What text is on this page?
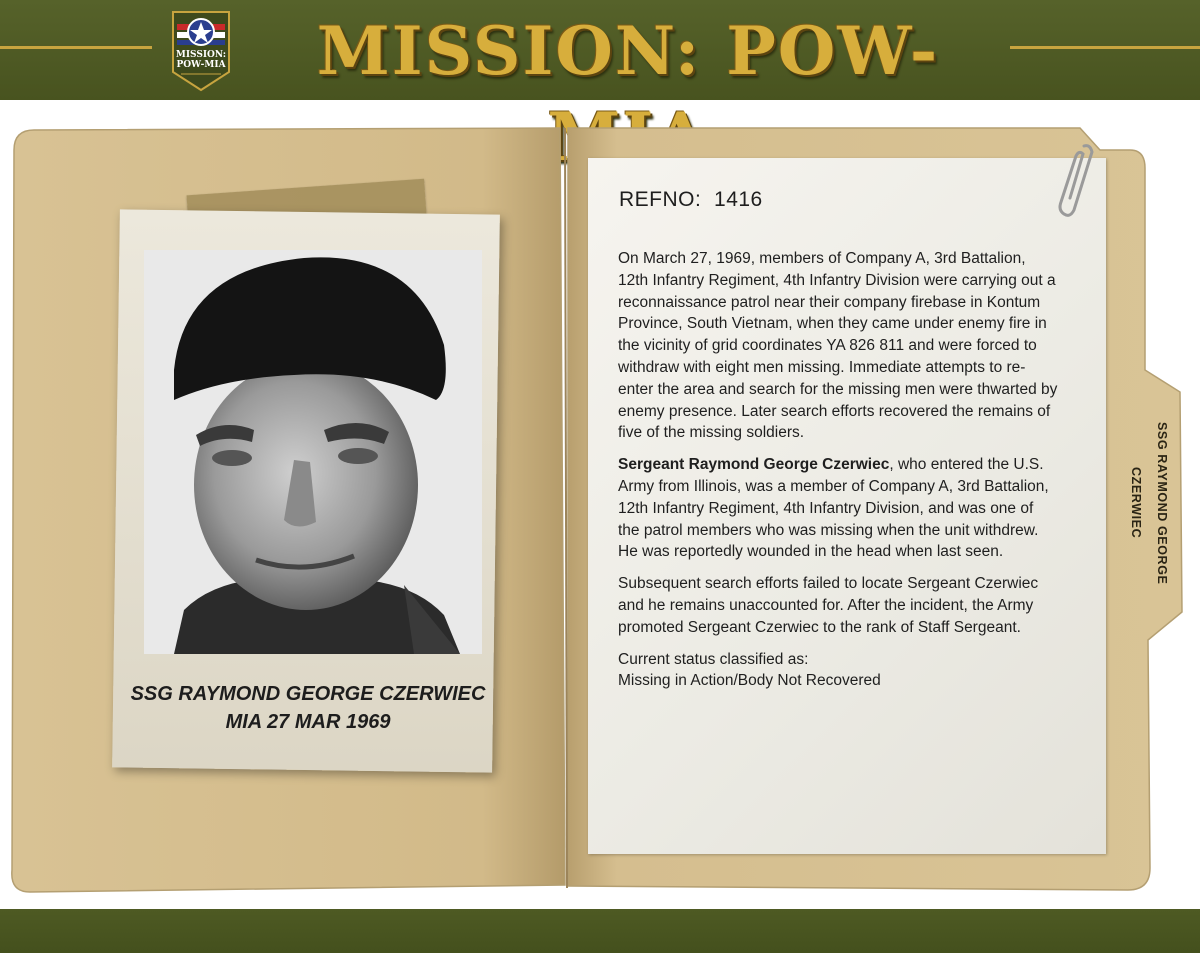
MISSION:
POW-MIA	MISSION: POW-
SSG RAYMOND GEORGE CZERWIEC
MIA 27 MAR 1969

REFNO: 1416

On March 27, 1969, members of Company A, 3rd Battalion, 12th Infantry Regiment, 4th Infantry Division were carrying out a reconnaissance patrol near their company firebase in Kontum Province, South Vietnam, when they came under enemy fire in the vicinity of grid coordinates YA 826 811 and were forced to withdraw with eight men missing. Immediate attempts to re-enter the area and search for the missing men were thwarted by enemy presence. Later search efforts recovered the remains of five of the missing soldiers.

Sergeant Raymond George Czerwiec, who entered the U.S. Army from Illinois, was a member of Company A, 3rd Battalion, 12th Infantry Regiment, 4th Infantry Division, and was one of the patrol members who was missing when the unit withdrew. He was reportedly wounded in the head when last seen.

Subsequent search efforts failed to locate Sergeant Czerwiec and he remains unaccounted for. After the incident, the Army promoted Sergeant Czerwiec to the rank of Staff Sergeant.

Current status classified as:
Missing in Action/Body Not Recovered

SSG RAYMOND GEORGE CZERWIEC
